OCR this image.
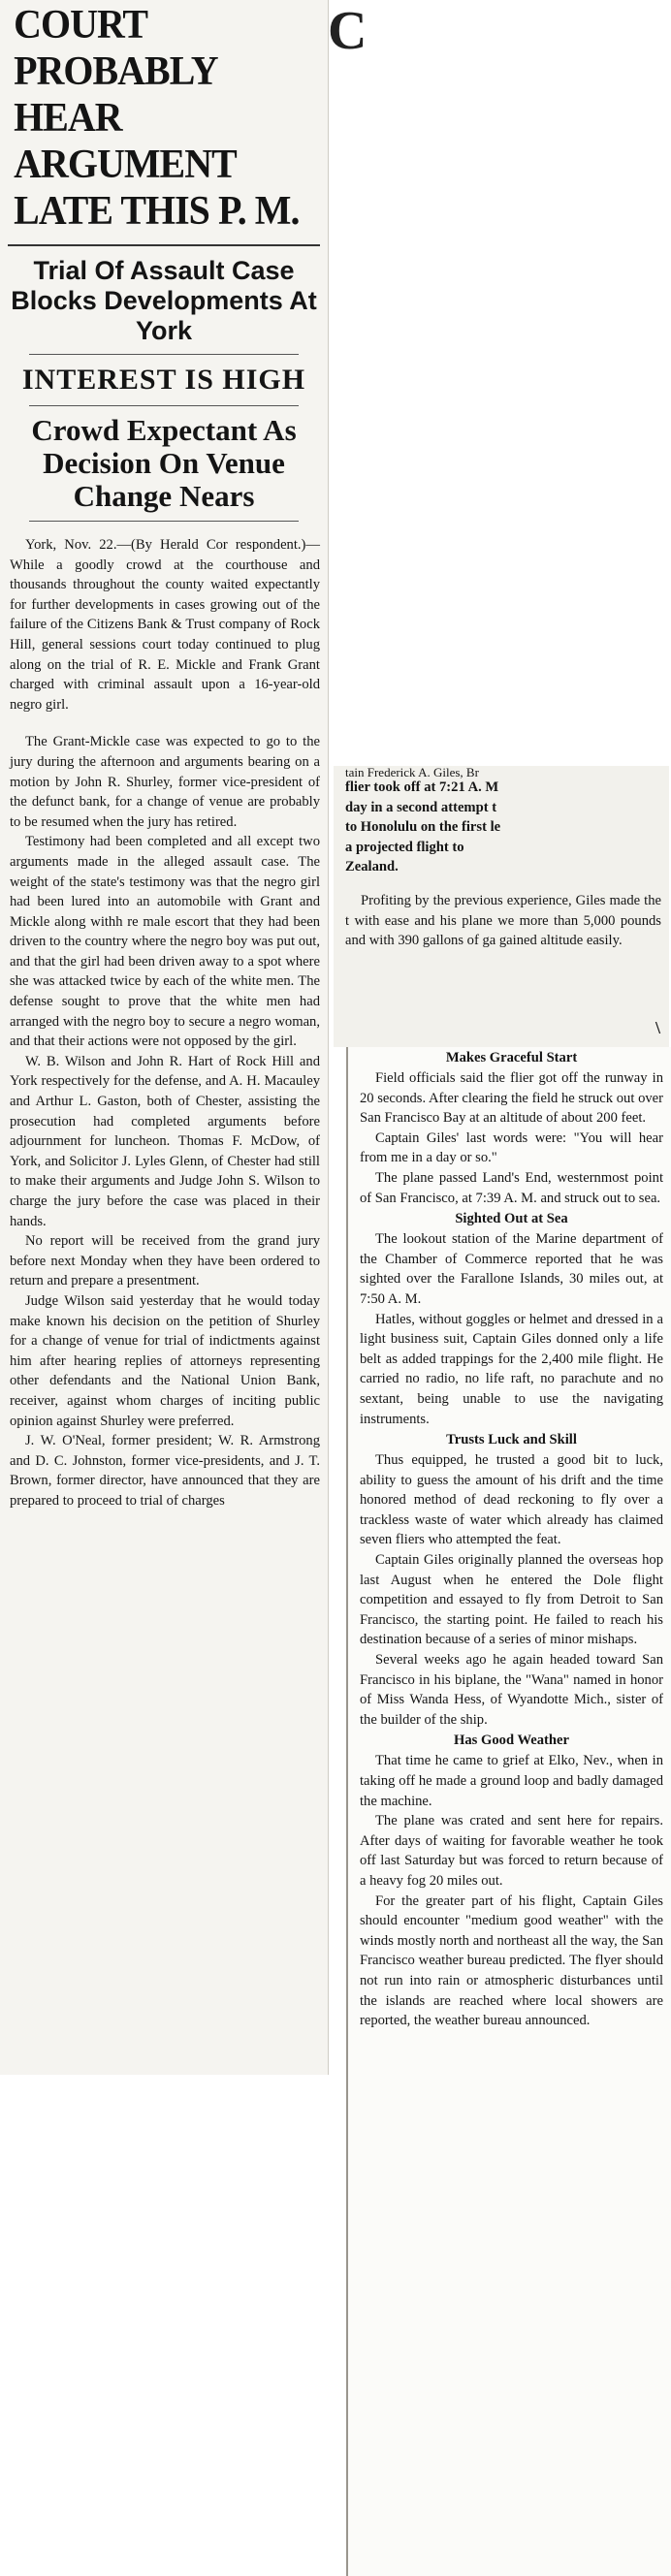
COURT PROBABLY
HEAR ARGUMENT
LATE THIS P. M.
Trial Of Assault Case Blocks Developments At York
INTEREST IS HIGH
Crowd Expectant As Decision On Venue Change Nears

York, Nov. 22.—(By Herald Cor respondent.)—While a goodly crowd at the courthouse and thousands throughout the county waited expectantly for further developments in cases growing out of the failure of the Citizens Bank & Trust company of Rock Hill, general sessions court today continued to plug along on the trial of R. E. Mickle and Frank Grant charged with criminal assault upon a 16-year-old negro girl.

The Grant-Mickle case was expected to go to the jury during the afternoon and arguments bearing on a motion by John R. Shurley, former vice-president of the defunct bank, for a change of venue are probably to be resumed when the jury has retired.

Testimony had been completed and all except two arguments made in the alleged assault case. The weight of the state's testimony was that the negro girl had been lured into an automobile with Grant and Mickle along withh re male escort that they had been driven to the country where the negro boy was put out, and that the girl had been driven away to a spot where she was attacked twice by each of the white men. The defense sought to prove that the white men had arranged with the negro boy to secure a negro woman, and that their actions were not opposed by the girl.

W. B. Wilson and John R. Hart of Rock Hill and York respectively for the defense, and A. H. Macauley and Arthur L. Gaston, both of Chester, assisting the prosecution had completed arguments before adjournment for luncheon. Thomas F. McDow, of York, and Solicitor J. Lyles Glenn, of Chester had still to make their arguments and Judge John S. Wilson to charge the jury before the case was placed in their hands.

No report will be received from the grand jury before next Monday when they have been ordered to return and prepare a presentment.

Judge Wilson said yesterday that he would today make known his decision on the petition of Shurley for a change of venue for trial of indictments against him after hearing replies of attorneys representing other defendants and the National Union Bank, receiver, against whom charges of inciting public opinion against Shurley were preferred.

J. W. O'Neal, former president; W. R. Armstrong and D. C. Johnston, former vice-presidents, and J. T. Brown, former director, have announced that they are prepared to proceed to trial of charges

C

tain Frederick A. Giles, Br

flier took off at 7:21 A. M

day in a second attempt t

to Honolulu on the first le

a projected flight to

Zealand.

Profiting by the previous experience, Giles made the t with ease and his plane we more than 5,000 pounds and with 390 gallons of ga gained altitude easily.

\

Makes Graceful Start

Field officials said the flier got off the runway in 20 seconds. After clearing the field he struck out over San Francisco Bay at an altitude of about 200 feet.

Captain Giles' last words were: "You will hear from me in a day or so."

The plane passed Land's End, westernmost point of San Francisco, at 7:39 A. M. and struck out to sea.

Sighted Out at Sea

The lookout station of the Marine department of the Chamber of Commerce reported that he was sighted over the Farallone Islands, 30 miles out, at 7:50 A. M.

Hatles, without goggles or helmet and dressed in a light business suit, Captain Giles donned only a life belt as added trappings for the 2,400 mile flight. He carried no radio, no life raft, no parachute and no sextant, being unable to use the navigating instruments.

Trusts Luck and Skill

Thus equipped, he trusted a good bit to luck, ability to guess the amount of his drift and the time honored method of dead reckoning to fly over a trackless waste of water which already has claimed seven fliers who attempted the feat.

Captain Giles originally planned the overseas hop last August when he entered the Dole flight competition and essayed to fly from Detroit to San Francisco, the starting point. He failed to reach his destination because of a series of minor mishaps.

Several weeks ago he again headed toward San Francisco in his biplane, the "Wana" named in honor of Miss Wanda Hess, of Wyandotte Mich., sister of the builder of the ship.

Has Good Weather

That time he came to grief at Elko, Nev., when in taking off he made a ground loop and badly damaged the machine.

The plane was crated and sent here for repairs. After days of waiting for favorable weather he took off last Saturday but was forced to return because of a heavy fog 20 miles out.

For the greater part of his flight, Captain Giles should encounter "medium good weather" with the winds mostly north and northeast all the way, the San Francisco weather bureau predicted. The flyer should not run into rain or atmospheric disturbances until the islands are reached where local showers are reported, the weather bureau announced.
